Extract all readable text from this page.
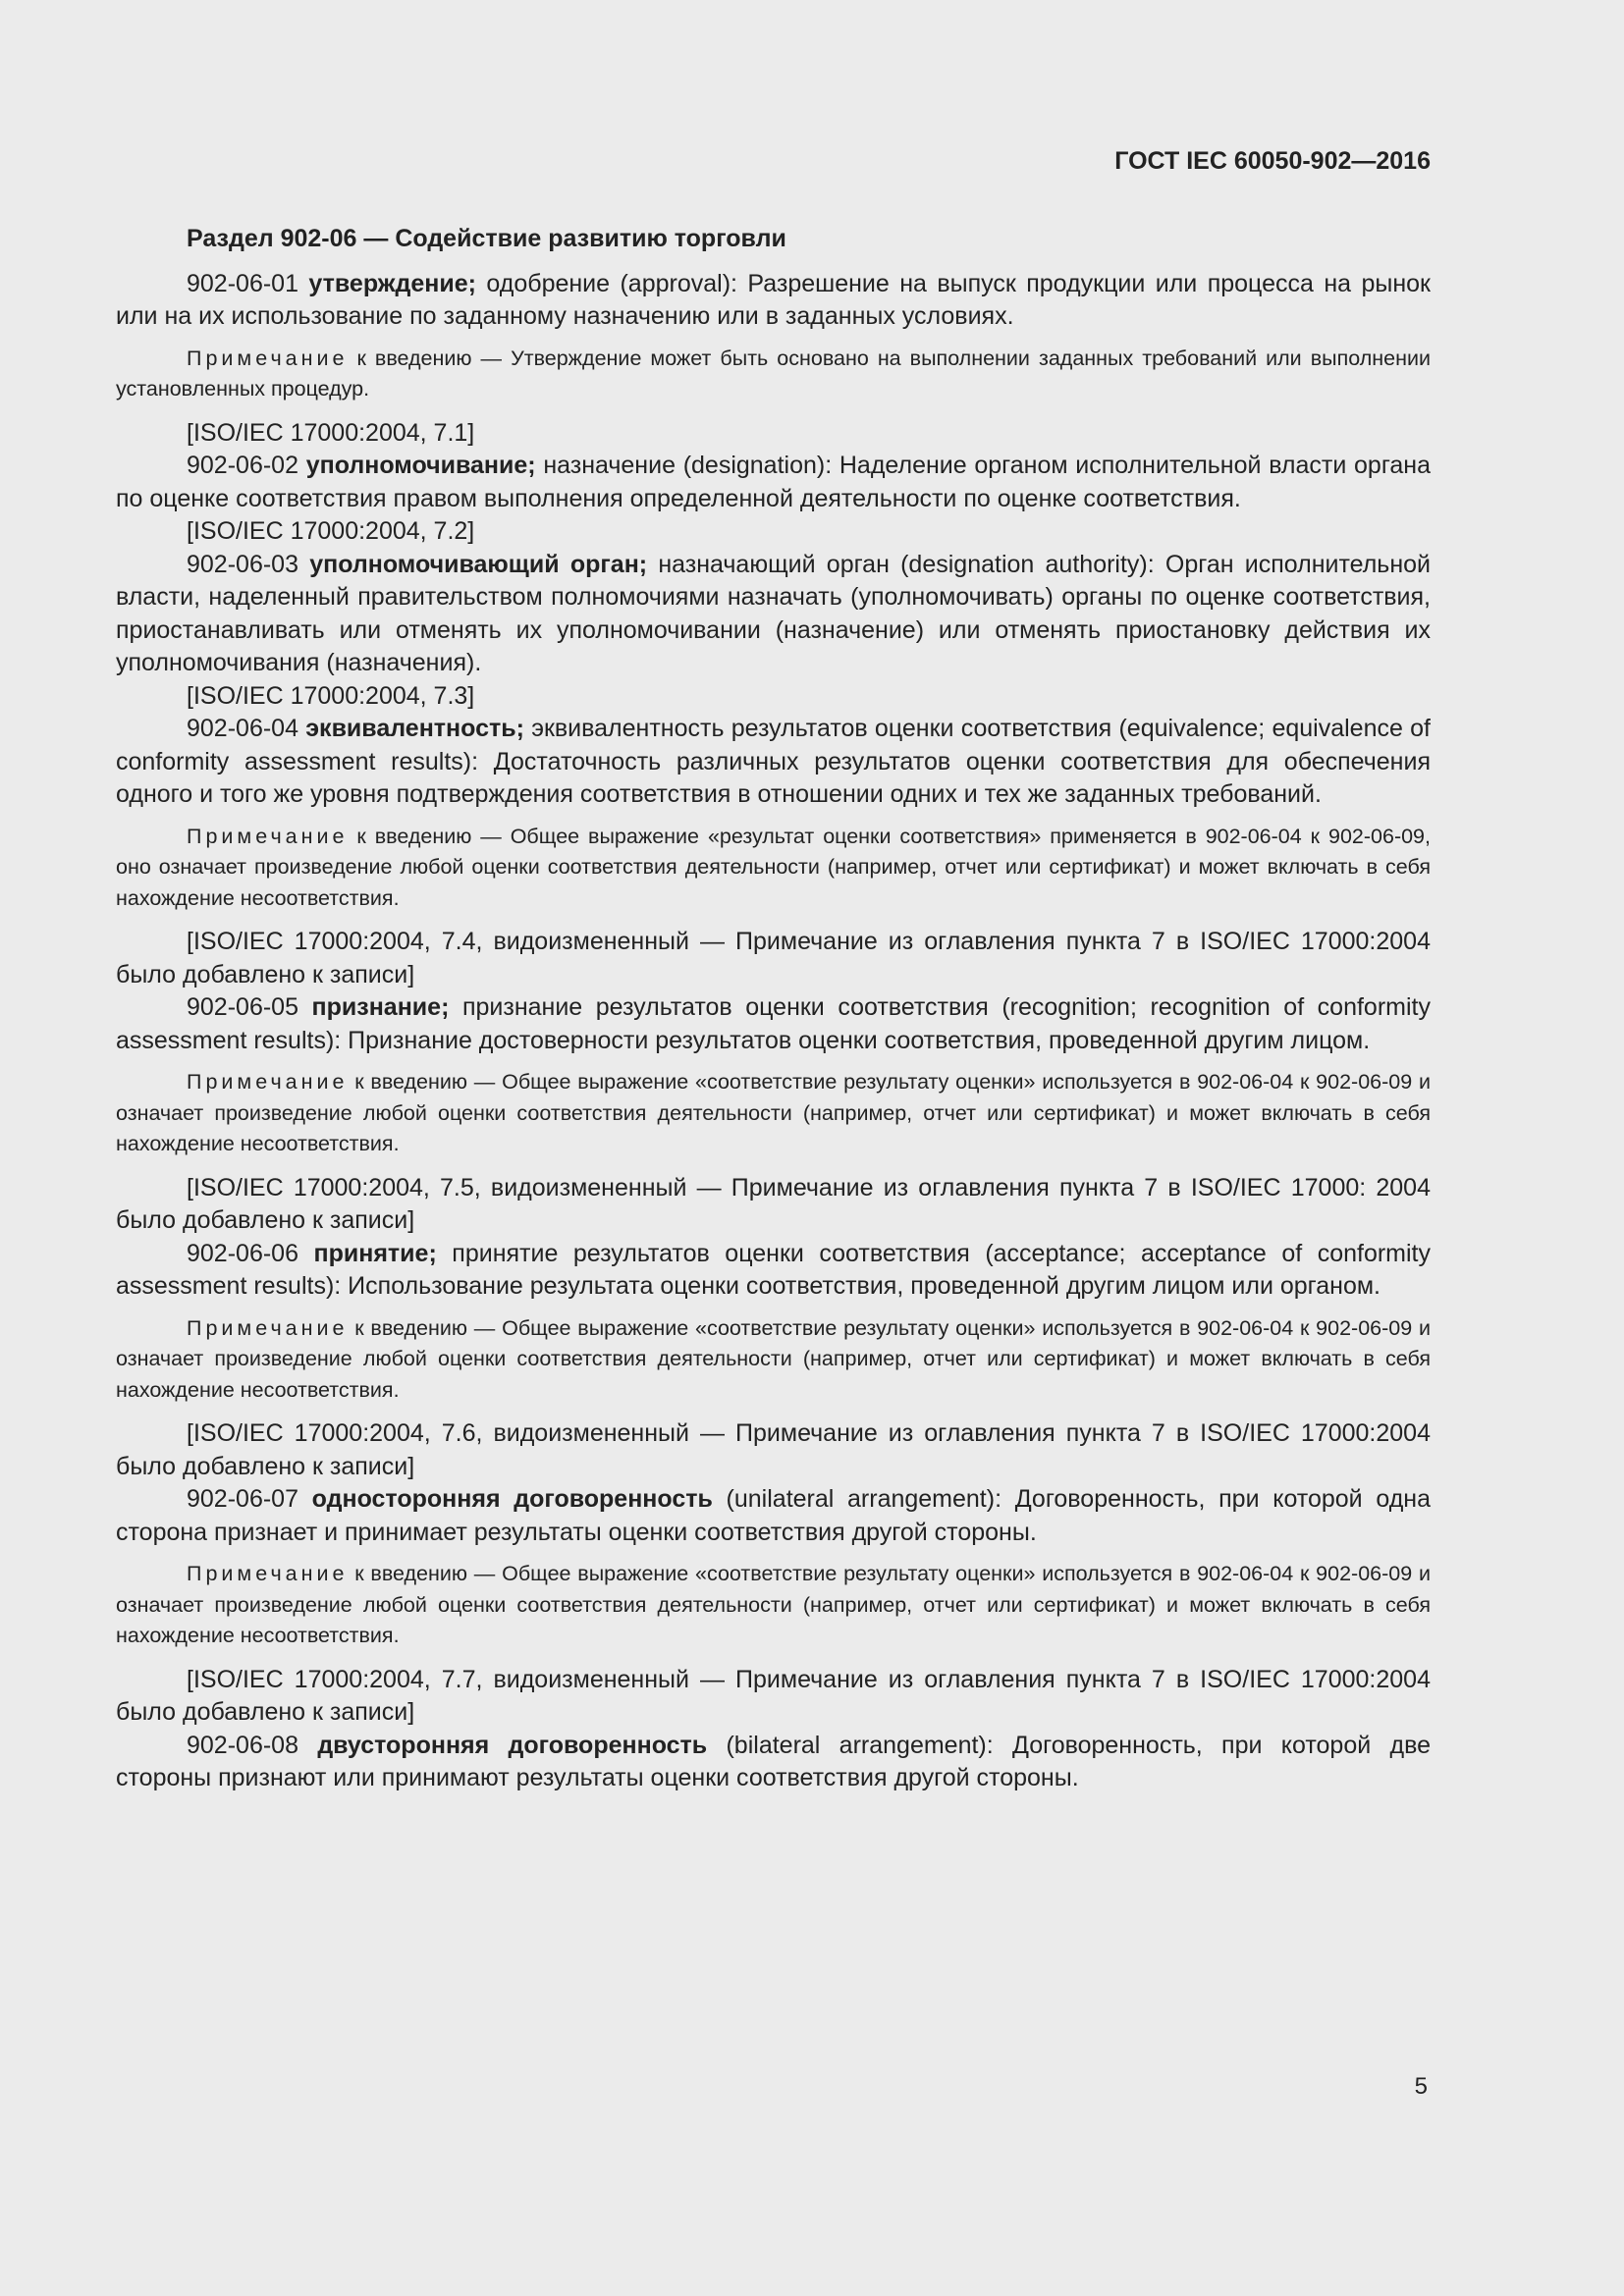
ГОСТ IEC 60050-902—2016

Раздел 902-06 — Содействие развитию торговли

902-06-01 утверждение; одобрение (approval): Разрешение на выпуск продукции или процесса на рынок или на их использование по заданному назначению или в заданных условиях.

Примечание к введению — Утверждение может быть основано на выполнении заданных требований или выполнении установленных процедур.

[ISO/IEC 17000:2004, 7.1]

902-06-02 уполномочивание; назначение (designation): Наделение органом исполнительной власти органа по оценке соответствия правом выполнения определенной деятельности по оценке соответствия.

[ISO/IEC 17000:2004, 7.2]

902-06-03 уполномочивающий орган; назначающий орган (designation authority): Орган исполнительной власти, наделенный правительством полномочиями назначать (уполномочивать) органы по оценке соответствия, приостанавливать или отменять их уполномочивании (назначение) или отменять приостановку действия их уполномочивания (назначения).

[ISO/IEC 17000:2004, 7.3]

902-06-04 эквивалентность; эквивалентность результатов оценки соответствия (equivalence; equivalence of conformity assessment results): Достаточность различных результатов оценки соответствия для обеспечения одного и того же уровня подтверждения соответствия в отношении одних и тех же заданных требований.

Примечание к введению — Общее выражение «результат оценки соответствия» применяется в 902-06-04 к 902-06-09, оно означает произведение любой оценки соответствия деятельности (например, отчет или сертификат) и может включать в себя нахождение несоответствия.

[ISO/IEC 17000:2004, 7.4, видоизмененный — Примечание из оглавления пункта 7 в ISO/IEC 17000:2004 было добавлено к записи]

902-06-05 признание; признание результатов оценки соответствия (recognition; recognition of conformity assessment results): Признание достоверности результатов оценки соответствия, проведенной другим лицом.

Примечание к введению — Общее выражение «соответствие результату оценки» используется в 902-06-04 к 902-06-09 и означает произведение любой оценки соответствия деятельности (например, отчет или сертификат) и может включать в себя нахождение несоответствия.

[ISO/IEC 17000:2004, 7.5, видоизмененный — Примечание из оглавления пункта 7 в ISO/IEC 17000: 2004 было добавлено к записи]

902-06-06 принятие; принятие результатов оценки соответствия (acceptance; acceptance of conformity assessment results): Использование результата оценки соответствия, проведенной другим лицом или органом.

Примечание к введению — Общее выражение «соответствие результату оценки» используется в 902-06-04 к 902-06-09 и означает произведение любой оценки соответствия деятельности (например, отчет или сертификат) и может включать в себя нахождение несоответствия.

[ISO/IEC 17000:2004, 7.6, видоизмененный — Примечание из оглавления пункта 7 в ISO/IEC 17000:2004 было добавлено к записи]

902-06-07 односторонняя договоренность (unilateral arrangement): Договоренность, при которой одна сторона признает и принимает результаты оценки соответствия другой стороны.

Примечание к введению — Общее выражение «соответствие результату оценки» используется в 902-06-04 к 902-06-09 и означает произведение любой оценки соответствия деятельности (например, отчет или сертификат) и может включать в себя нахождение несоответствия.

[ISO/IEC 17000:2004, 7.7, видоизмененный — Примечание из оглавления пункта 7 в ISO/IEC 17000:2004 было добавлено к записи]

902-06-08 двусторонняя договоренность (bilateral arrangement): Договоренность, при которой две стороны признают или принимают результаты оценки соответствия другой стороны.

5
